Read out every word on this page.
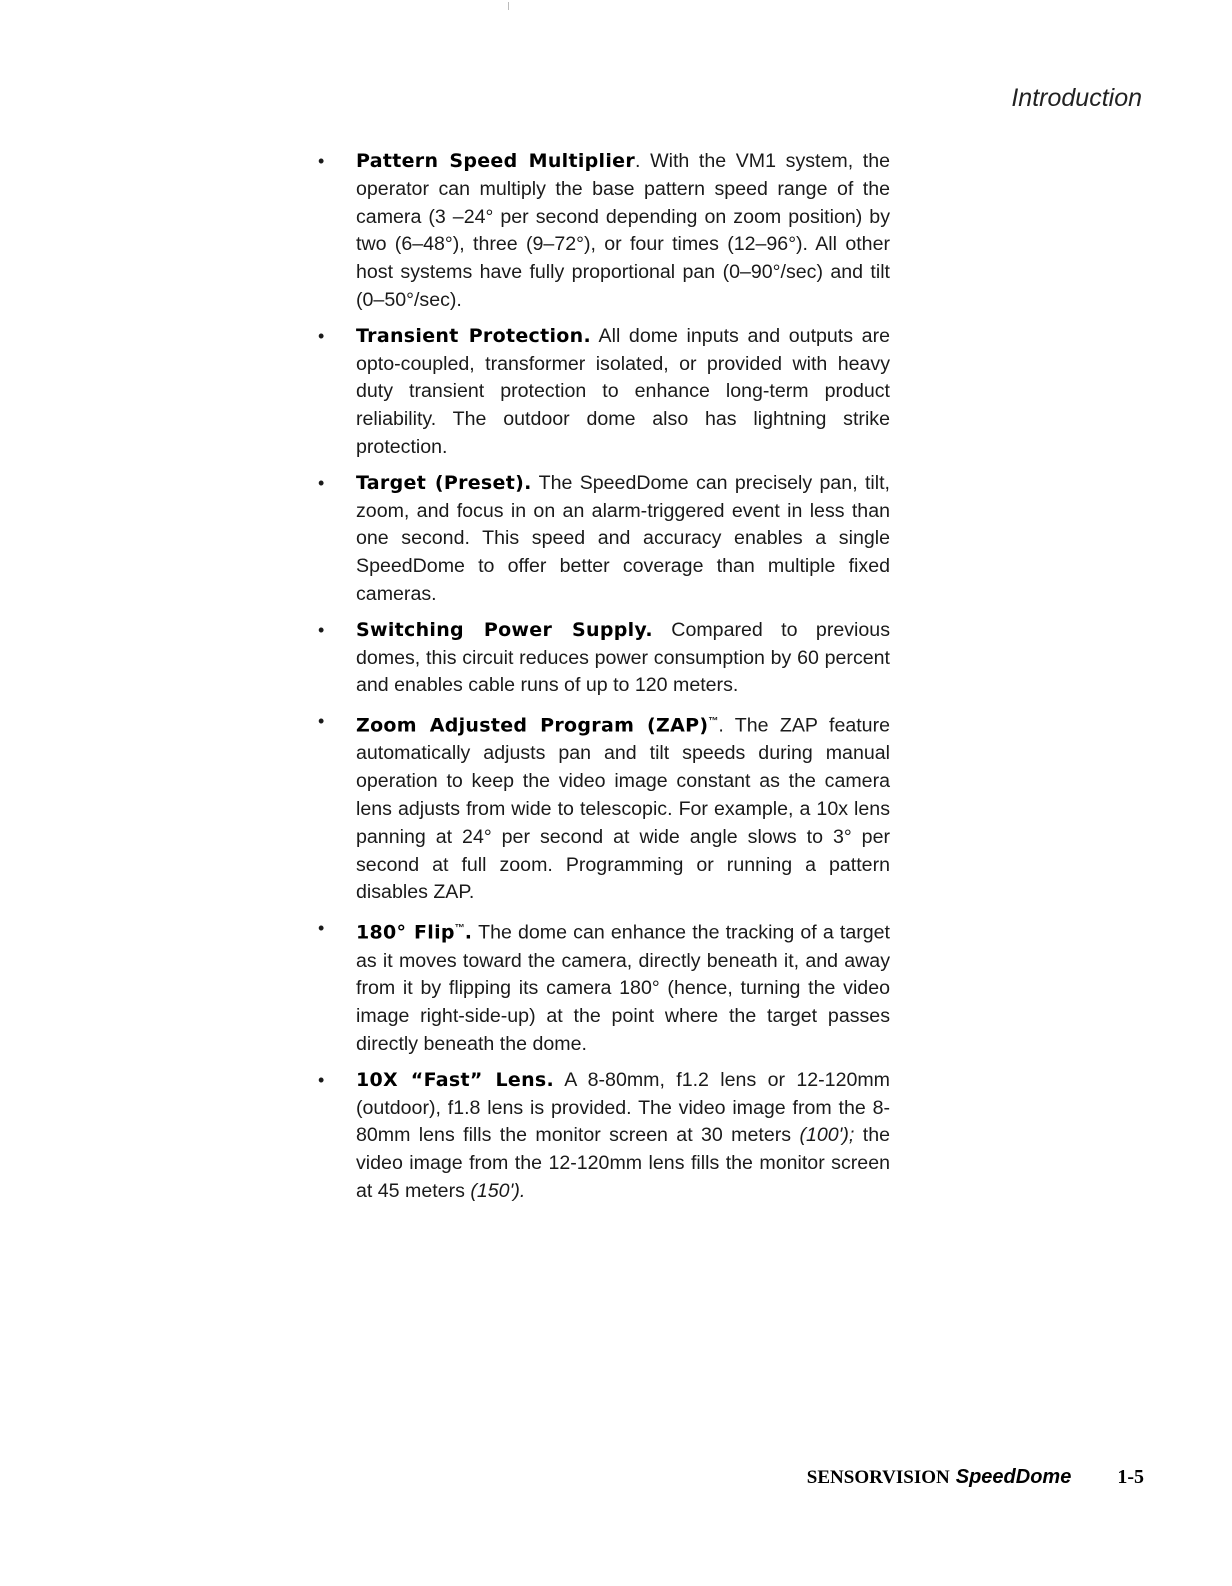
Introduction
• Pattern Speed Multiplier. With the VM1 system, the operator can multiply the base pattern speed range of the camera (3 –24° per second depending on zoom position) by two (6–48°), three (9–72°), or four times (12–96°). All other host systems have fully proportional pan (0–90°/sec) and tilt (0–50°/sec).
• Transient Protection. All dome inputs and outputs are opto-coupled, transformer isolated, or provided with heavy duty transient protection to enhance long-term product reliability. The outdoor dome also has lightning strike protection.
• Target (Preset). The SpeedDome can precisely pan, tilt, zoom, and focus in on an alarm-triggered event in less than one second. This speed and accuracy enables a single SpeedDome to offer better coverage than multiple fixed cameras.
• Switching Power Supply. Compared to previous domes, this circuit reduces power consumption by 60 percent and enables cable runs of up to 120 meters.
• Zoom Adjusted Program (ZAP)™. The ZAP feature automatically adjusts pan and tilt speeds during manual operation to keep the video image constant as the camera lens adjusts from wide to telescopic. For example, a 10x lens panning at 24° per second at wide angle slows to 3° per second at full zoom. Programming or running a pattern disables ZAP.
• 180° Flip™. The dome can enhance the tracking of a target as it moves toward the camera, directly beneath it, and away from it by flipping its camera 180° (hence, turning the video image right-side-up) at the point where the target passes directly beneath the dome.
• 10X “Fast” Lens. A 8-80mm, f1.2 lens or 12-120mm (outdoor), f1.8 lens is provided. The video image from the 8-80mm lens fills the monitor screen at 30 meters (100'); the video image from the 12-120mm lens fills the monitor screen at 45 meters (150').
SENSORVISION SpeedDome 1-5
